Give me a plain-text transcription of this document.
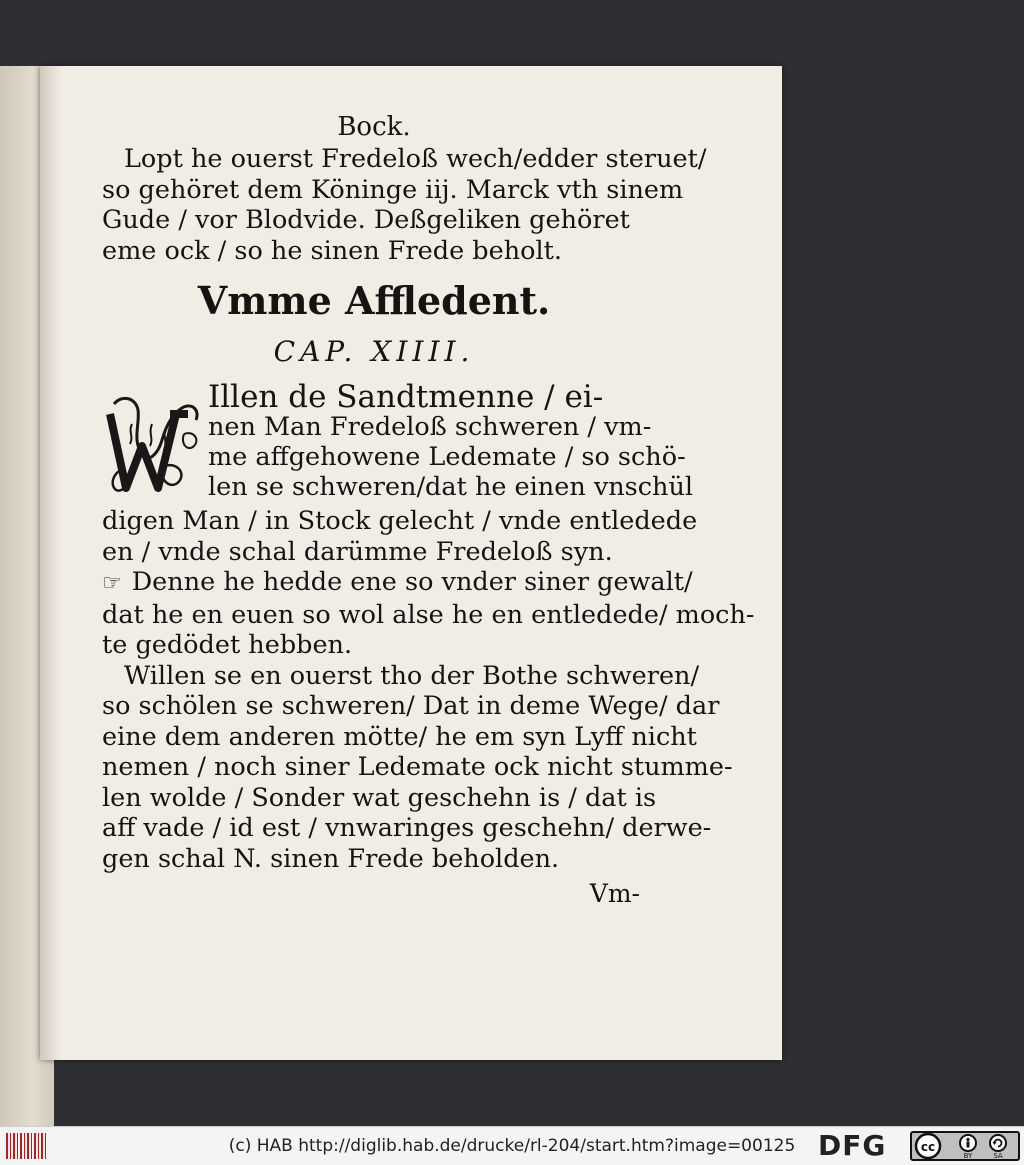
Bock.
Lopt he ouerst Fredeloß wech/edder steruet/
so gehöret dem Köninge iij. Marck vth sinem
Gude / vor Blodvide. Deßgeliken gehöret
eme ock / so he sinen Frede beholt.
Vmme Affledent.
CAP. XIIII.
Illen de Sandtmenne / ei-
nen Man Fredeloß schweren / vm-
me affgehowene Ledemate / so schö-
len se schweren/dat he einen vnschül
digen Man / in Stock gelecht / vnde entledede
en / vnde schal darümme Fredeloß syn.
☞ Denne he hedde ene so vnder siner gewalt/
dat he en euen so wol alse he en entledede/ moch-
te gedödet hebben.
Willen se en ouerst tho der Bothe schweren/
so schölen se schweren/ Dat in deme Wege/ dar
eine dem anderen mötte/ he em syn Lyff nicht
nemen / noch siner Ledemate ock nicht stumme-
len wolde / Sonder wat geschehn is / dat is
aff vade / id est / vnwaringes geschehn/ derwe-
gen schal N. sinen Frede beholden.
Vm-
(c) HAB http://diglib.hab.de/drucke/rl-204/start.htm?image=00125 DFG	cc
BY	SA
